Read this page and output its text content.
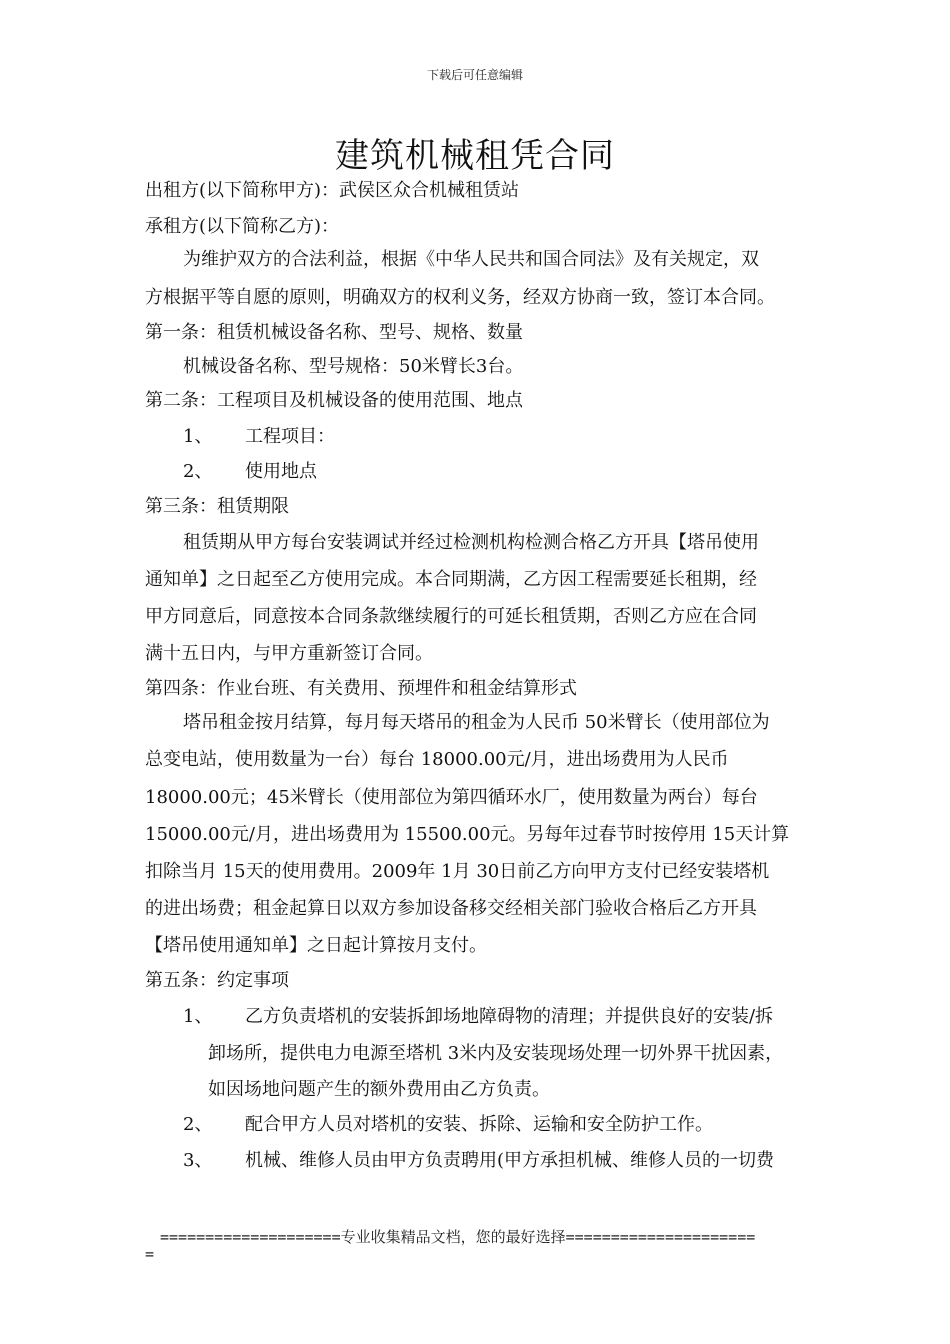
下载后可任意编辑
建筑机械租凭合同
出租方(以下简称甲方)：武侯区众合机械租赁站
承租方(以下简称乙方)：
为维护双方的合法利益，根据《中华人民共和国合同法》及有关规定，双
方根据平等自愿的原则，明确双方的权利义务，经双方协商一致，签订本合同。
第一条：租赁机械设备名称、型号、规格、数量
机械设备名称、型号规格：50米臂长3台。
第二条：工程项目及机械设备的使用范围、地点
1、 工程项目：
2、 使用地点
第三条：租赁期限
租赁期从甲方每台安装调试并经过检测机构检测合格乙方开具【塔吊使用
通知单】之日起至乙方使用完成。本合同期满，乙方因工程需要延长租期，经
甲方同意后，同意按本合同条款继续履行的可延长租赁期，否则乙方应在合同
满十五日内，与甲方重新签订合同。
第四条：作业台班、有关费用、预埋件和租金结算形式
塔吊租金按月结算，每月每天塔吊的租金为人民币 50米臂长（使用部位为
总变电站，使用数量为一台）每台 18000.00元/月，进出场费用为人民币
18000.00元；45米臂长（使用部位为第四循环水厂，使用数量为两台）每台
15000.00元/月，进出场费用为 15500.00元。另每年过春节时按停用 15天计算
扣除当月 15天的使用费用。2009年 1月 30日前乙方向甲方支付已经安装塔机
的进出场费；租金起算日以双方参加设备移交经相关部门验收合格后乙方开具
【塔吊使用通知单】之日起计算按月支付。
第五条：约定事项
1、 乙方负责塔机的安装拆卸场地障碍物的清理；并提供良好的安装/拆
卸场所，提供电力电源至塔机 3米内及安装现场处理一切外界干扰因素，
如因场地问题产生的额外费用由乙方负责。
2、 配合甲方人员对塔机的安装、拆除、运输和安全防护工作。
3、 机械、维修人员由甲方负责聘用(甲方承担机械、维修人员的一切费
====================专业收集精品文档，您的最好选择=====================
=
